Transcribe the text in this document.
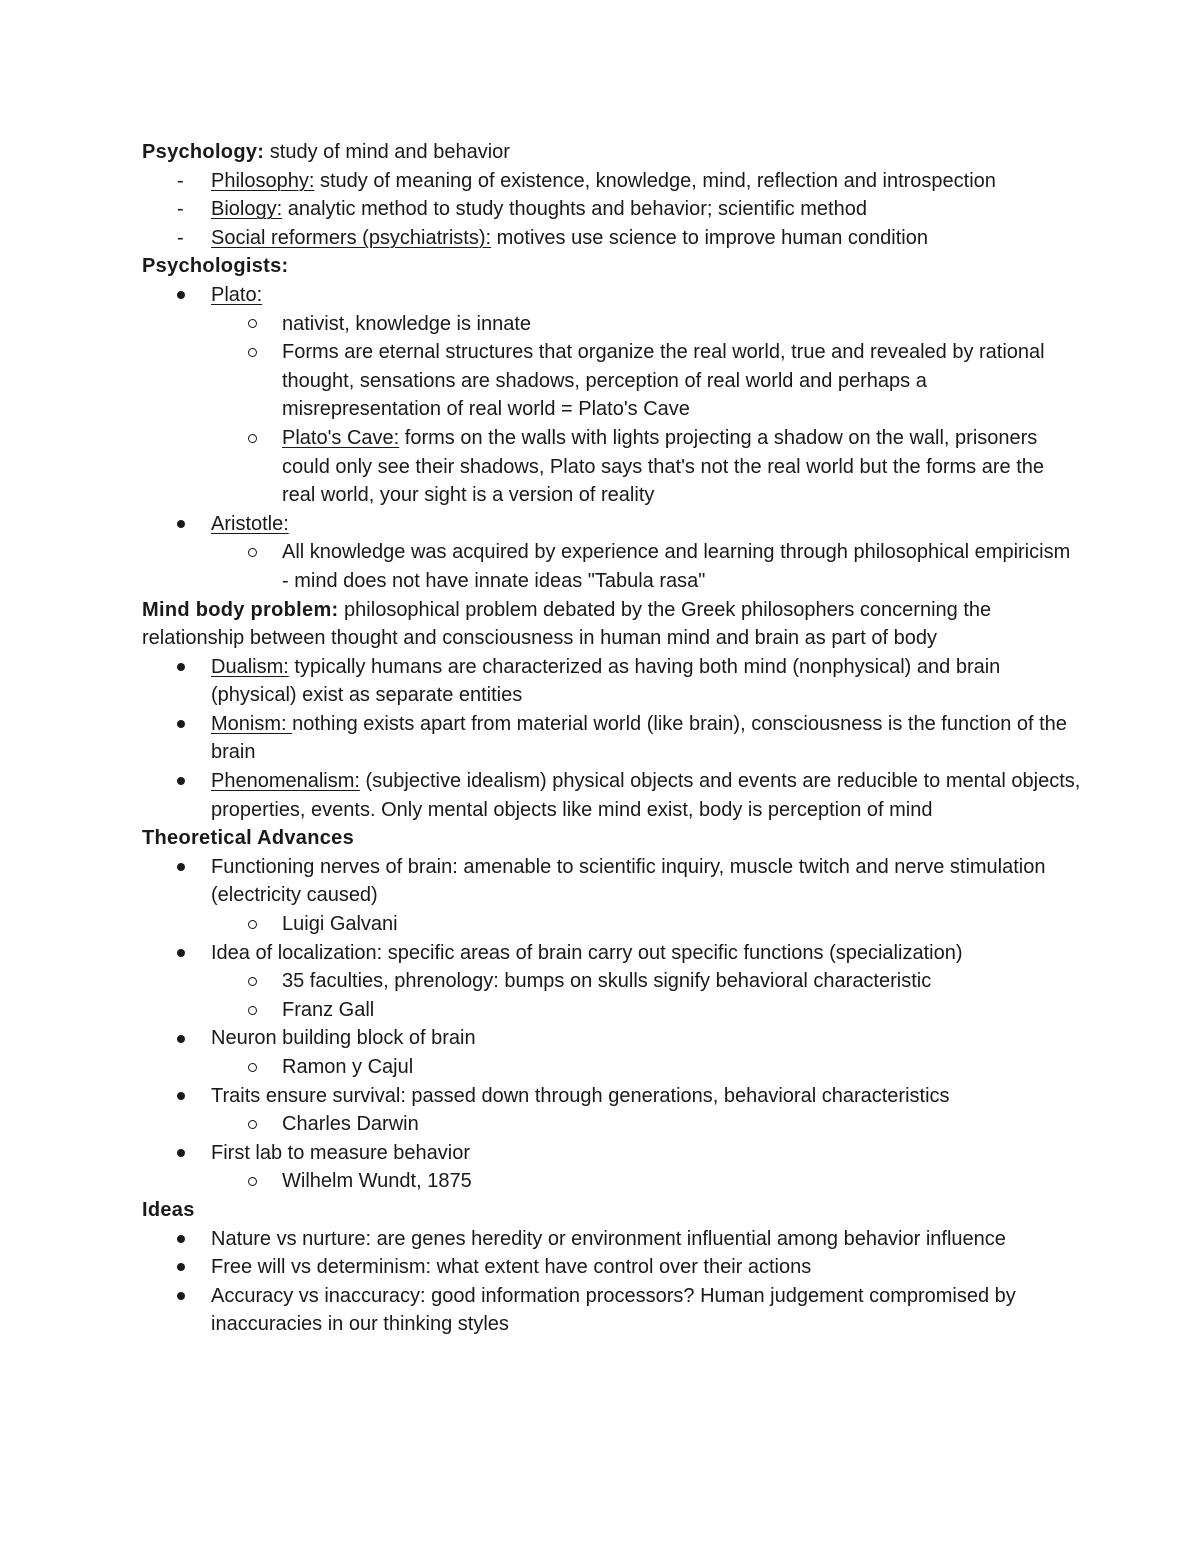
Psychology: study of mind and behavior

- Philosophy: study of meaning of existence, knowledge, mind, reflection and introspection
- Biology: analytic method to study thoughts and behavior; scientific method
- Social reformers (psychiatrists): motives use science to improve human condition

Psychologists:

Plato:
nativist, knowledge is innate
Forms are eternal structures that organize the real world, true and revealed by rational thought, sensations are shadows, perception of real world and perhaps a misrepresentation of real world = Plato's Cave
Plato's Cave: forms on the walls with lights projecting a shadow on the wall, prisoners could only see their shadows, Plato says that's not the real world but the forms are the real world, your sight is a version of reality
Aristotle:
All knowledge was acquired by experience and learning through philosophical empiricism - mind does not have innate ideas "Tabula rasa"

Mind body problem: philosophical problem debated by the Greek philosophers concerning the relationship between thought and consciousness in human mind and brain as part of body

Dualism: typically humans are characterized as having both mind (nonphysical) and brain (physical) exist as separate entities
Monism: nothing exists apart from material world (like brain), consciousness is the function of the brain
Phenomenalism: (subjective idealism) physical objects and events are reducible to mental objects, properties, events. Only mental objects like mind exist, body is perception of mind

Theoretical Advances

Functioning nerves of brain: amenable to scientific inquiry, muscle twitch and nerve stimulation (electricity caused)
Luigi Galvani
Idea of localization: specific areas of brain carry out specific functions (specialization)
35 faculties, phrenology: bumps on skulls signify behavioral characteristic
Franz Gall
Neuron building block of brain
Ramon y Cajul
Traits ensure survival: passed down through generations, behavioral characteristics
Charles Darwin
First lab to measure behavior
Wilhelm Wundt, 1875

Ideas

Nature vs nurture: are genes heredity or environment influential among behavior influence
Free will vs determinism: what extent have control over their actions
Accuracy vs inaccuracy: good information processors? Human judgement compromised by inaccuracies in our thinking styles
